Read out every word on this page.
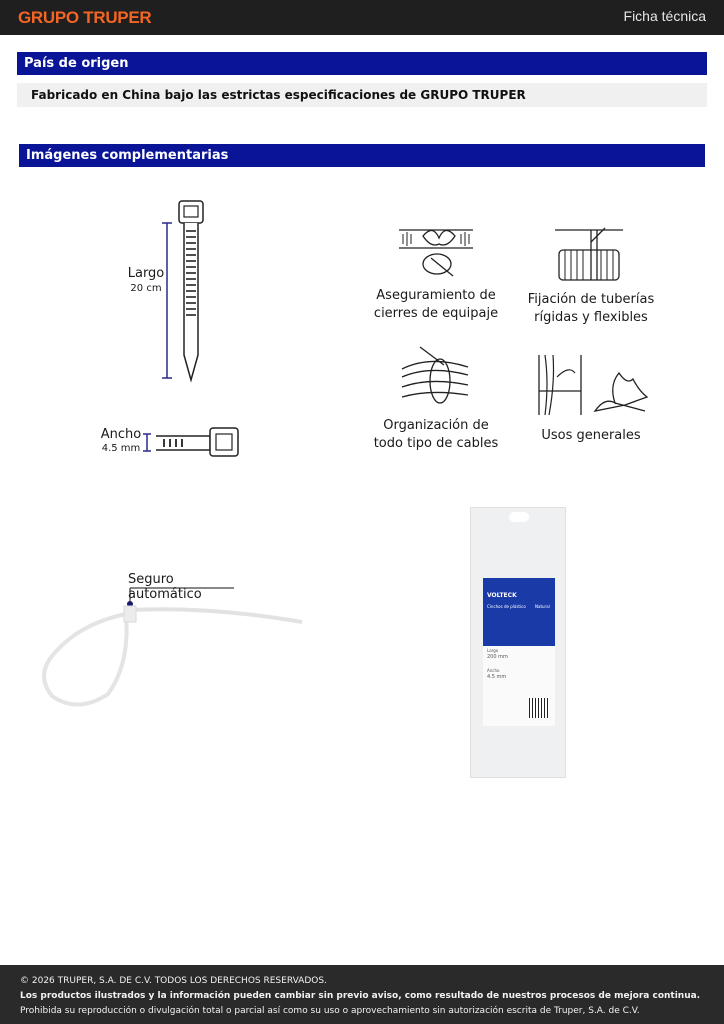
GRUPO TRUPER	Ficha técnica
País de origen
Fabricado en China bajo las estrictas especificaciones de GRUPO TRUPER
Imágenes complementarias
Largo
20 cm
Ancho
4.5 mm
Aseguramiento de
cierres de equipaje
Fijación de tuberías
rígidas y flexibles
Organización de
todo tipo de cables
Usos generales
Seguro automático	VOLTECK
Cinchos de plástico	Natural
Largo
200 mm
Ancho
4.5 mm
© 2026 TRUPER, S.A. DE C.V. TODOS LOS DERECHOS RESERVADOS.
Los productos ilustrados y la información pueden cambiar sin previo aviso, como resultado de nuestros procesos de mejora continua.
Prohibida su reproducción o divulgación total o parcial así como su uso o aprovechamiento sin autorización escrita de Truper, S.A. de C.V.
